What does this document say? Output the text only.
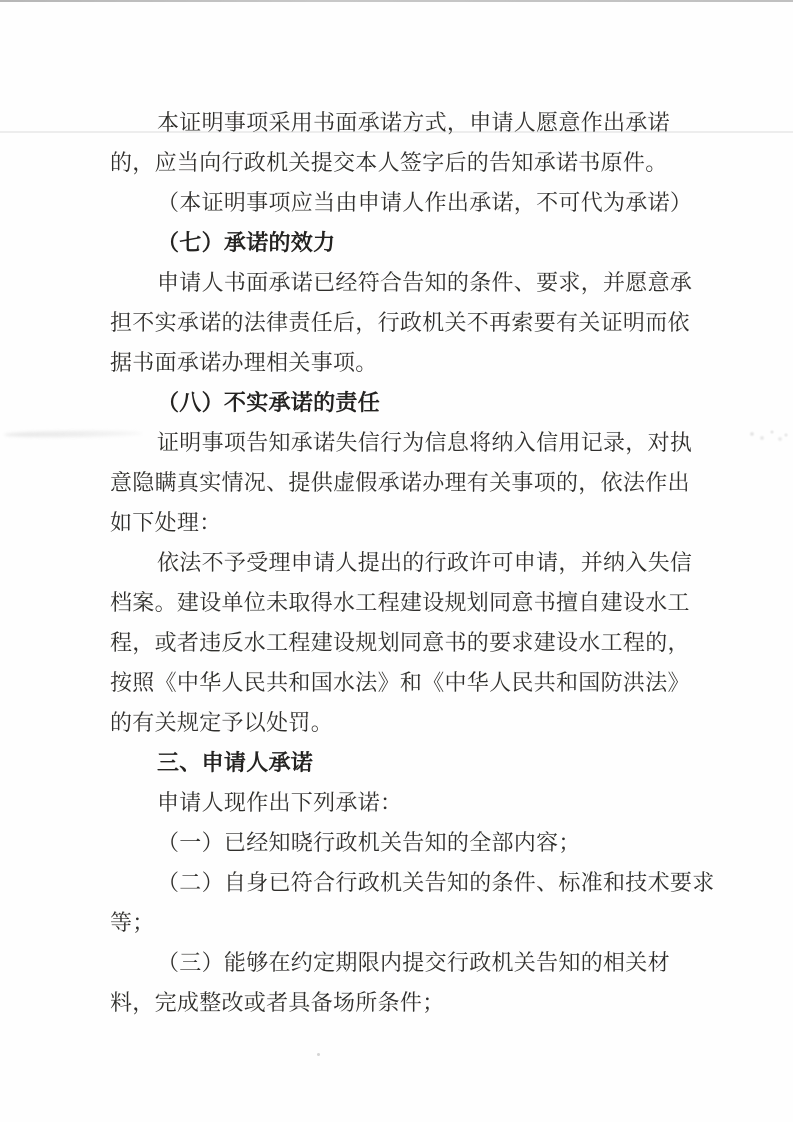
本证明事项采用书面承诺方式，申请人愿意作出承诺
的，应当向行政机关提交本人签字后的告知承诺书原件。
（本证明事项应当由申请人作出承诺，不可代为承诺）
（七）承诺的效力
申请人书面承诺已经符合告知的条件、要求，并愿意承
担不实承诺的法律责任后，行政机关不再索要有关证明而依
据书面承诺办理相关事项。
（八）不实承诺的责任
证明事项告知承诺失信行为信息将纳入信用记录，对执
意隐瞒真实情况、提供虚假承诺办理有关事项的，依法作出
如下处理：
依法不予受理申请人提出的行政许可申请，并纳入失信
档案。建设单位未取得水工程建设规划同意书擅自建设水工
程，或者违反水工程建设规划同意书的要求建设水工程的，
按照《中华人民共和国水法》和《中华人民共和国防洪法》
的有关规定予以处罚。
三、申请人承诺
申请人现作出下列承诺：
（一）已经知晓行政机关告知的全部内容；
（二）自身已符合行政机关告知的条件、标准和技术要求
等；
（三）能够在约定期限内提交行政机关告知的相关材
料，完成整改或者具备场所条件；
